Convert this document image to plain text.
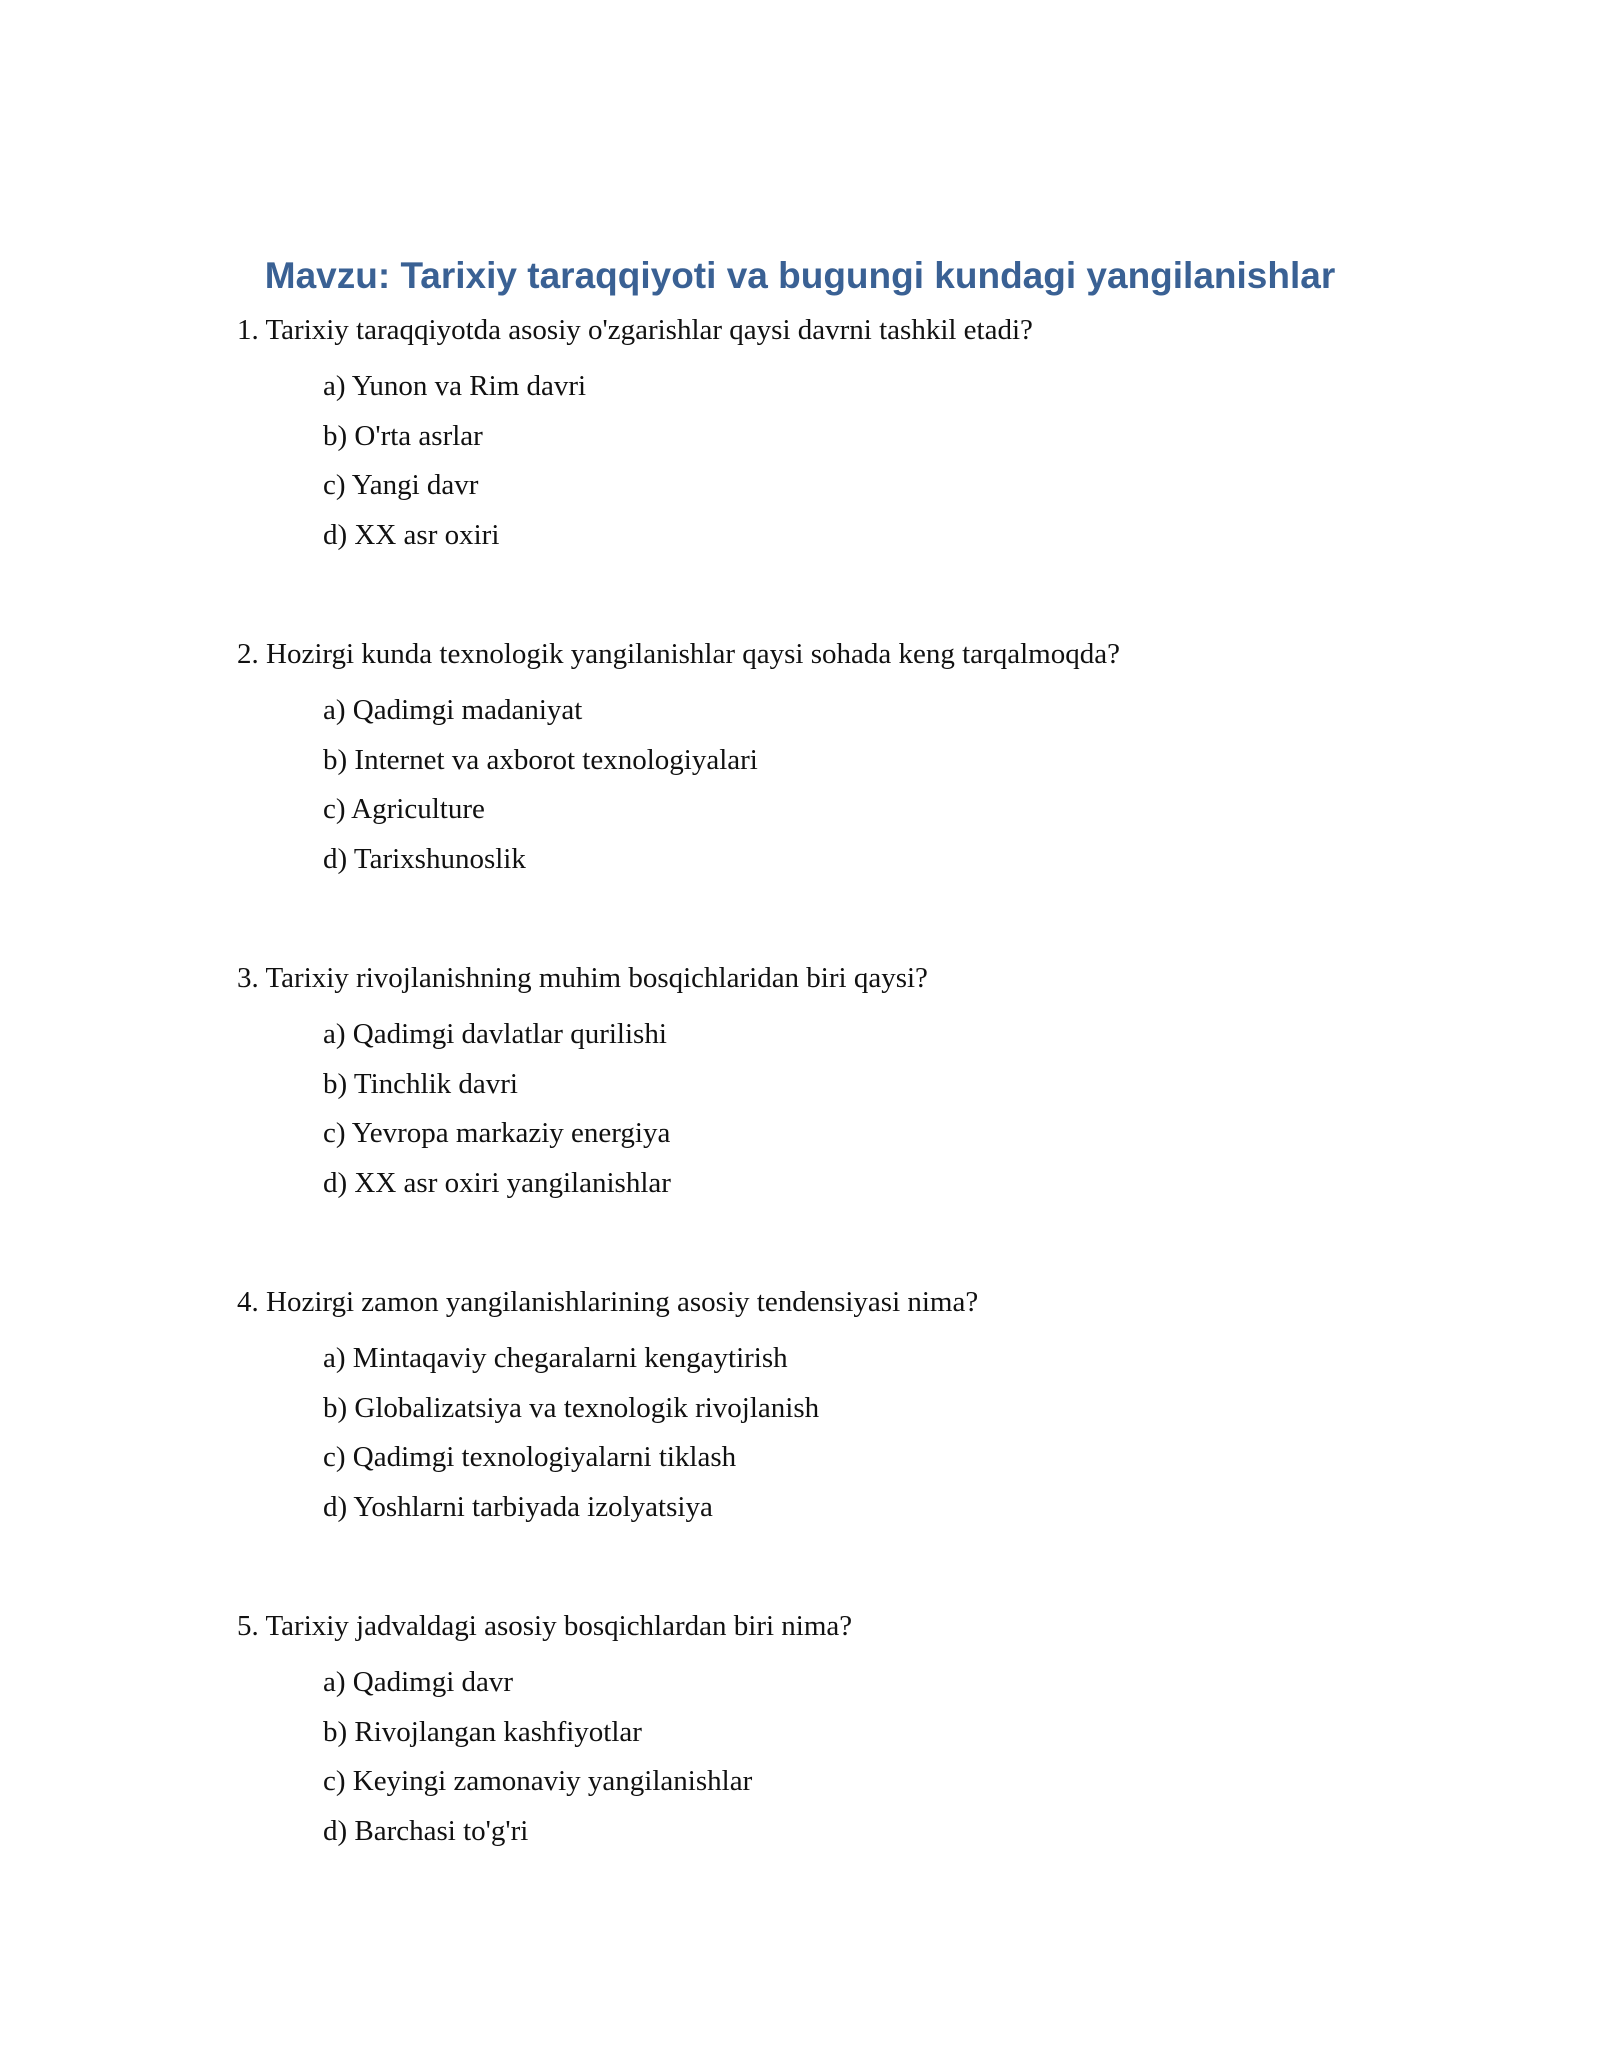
Mavzu: Tarixiy taraqqiyoti va bugungi kundagi yangilanishlar

1. Tarixiy taraqqiyotda asosiy o'zgarishlar qaysi davrni tashkil etadi?

a) Yunon va Rim davri
b) O'rta asrlar
c) Yangi davr
d) XX asr oxiri

2. Hozirgi kunda texnologik yangilanishlar qaysi sohada keng tarqalmoqda?

a) Qadimgi madaniyat
b) Internet va axborot texnologiyalari
c) Agriculture
d) Tarixshunoslik

3. Tarixiy rivojlanishning muhim bosqichlaridan biri qaysi?

a) Qadimgi davlatlar qurilishi
b) Tinchlik davri
c) Yevropa markaziy energiya
d) XX asr oxiri yangilanishlar

4. Hozirgi zamon yangilanishlarining asosiy tendensiyasi nima?

a) Mintaqaviy chegaralarni kengaytirish
b) Globalizatsiya va texnologik rivojlanish
c) Qadimgi texnologiyalarni tiklash
d) Yoshlarni tarbiyada izolyatsiya

5. Tarixiy jadvaldagi asosiy bosqichlardan biri nima?

a) Qadimgi davr
b) Rivojlangan kashfiyotlar
c) Keyingi zamonaviy yangilanishlar
d) Barchasi to'g'ri
